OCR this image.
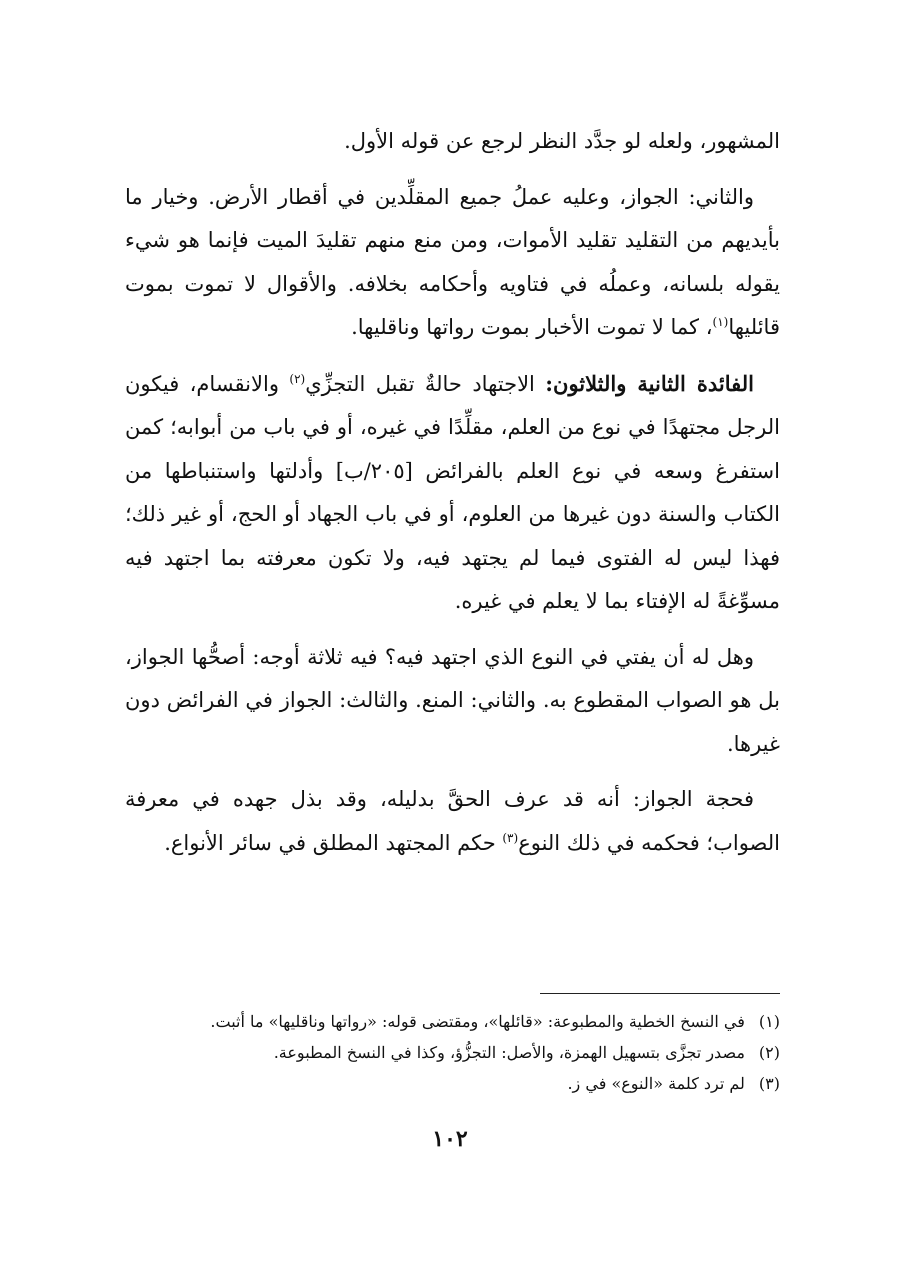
المشهور، ولعله لو جدَّد النظر لرجع عن قوله الأول.

والثاني: الجواز، وعليه عملُ جميع المقلِّدين في أقطار الأرض. وخيار ما بأيديهم من التقليد تقليد الأموات، ومن منع منهم تقليدَ الميت فإنما هو شيء يقوله بلسانه، وعملُه في فتاويه وأحكامه بخلافه. والأقوال لا تموت بموت قائليها$^{(١)}$، كما لا تموت الأخبار بموت رواتها وناقليها.

الفائدة الثانية والثلاثون: الاجتهاد حالةٌ تقبل التجزِّي$^{(٢)}$ والانقسام، فيكون الرجل مجتهدًا في نوع من العلم، مقلِّدًا في غيره، أو في باب من أبوابه؛ كمن استفرغ وسعه في نوع العلم بالفرائض [٢٠٥/ب] وأدلتها واستنباطها من الكتاب والسنة دون غيرها من العلوم، أو في باب الجهاد أو الحج، أو غير ذلك؛ فهذا ليس له الفتوى فيما لم يجتهد فيه، ولا تكون معرفته بما اجتهد فيه مسوِّغةً له الإفتاء بما لا يعلم في غيره.

وهل له أن يفتي في النوع الذي اجتهد فيه؟ فيه ثلاثة أوجه: أصحُّها الجواز، بل هو الصواب المقطوع به. والثاني: المنع. والثالث: الجواز في الفرائض دون غيرها.

فحجة الجواز: أنه قد عرف الحقَّ بدليله، وقد بذل جهده في معرفة الصواب؛ فحكمه في ذلك النوع$^{(٣)}$ حكم المجتهد المطلق في سائر الأنواع.

(١) في النسخ الخطية والمطبوعة: «قائلها»، ومقتضى قوله: «رواتها وناقليها» ما أثبت.

(٢) مصدر تجزَّى بتسهيل الهمزة، والأصل: التجزُّؤ، وكذا في النسخ المطبوعة.

(٣) لم ترد كلمة «النوع» في ز.

١٠٢
